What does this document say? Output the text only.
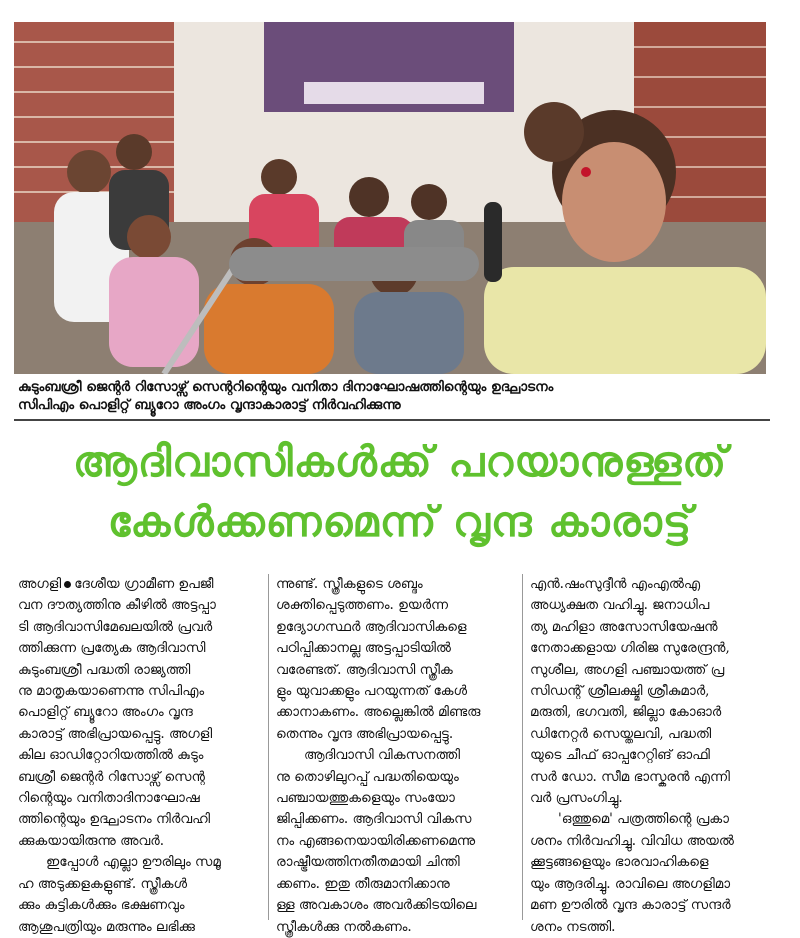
കുടുംബശ്രീ ജെന്റർ റിസോഴ്സ് സെന്ററിന്റെയും വനിതാ ദിനാഘോഷത്തിന്റെയും ഉദ്ഘാടനം
സിപിഎം പൊളിറ്റ് ബ്യൂറോ അംഗം വൃന്ദാകാരാട്ട് നിർവഹിക്കുന്നു
ആദിവാസികൾക്ക് പറയാനുള്ളത്
കേൾക്കണമെന്ന് വൃന്ദ കാരാട്ട്

അഗളി ദേശീയ ഗ്രാമീണ ഉപജീ

വന ദൗത്യത്തിനു കീഴിൽ അട്ടപ്പാ

ടി ആദിവാസിമേഖലയിൽ പ്രവർ

ത്തിക്കുന്ന പ്രത്യേക ആദിവാസി

കുടുംബശ്രീ പദ്ധതി രാജ്യത്തി

നു മാതൃകയാണെന്നു സിപിഎം

പൊളിറ്റ് ബ്യൂറോ അംഗം വൃന്ദ

കാരാട്ട് അഭിപ്രായപ്പെട്ടു. അഗളി

കില ഓഡിറ്റോറിയത്തിൽ കുടും

ബശ്രീ ജെന്റർ റിസോഴ്സ് സെന്റ

റിന്റെയും വനിതാദിനാഘോഷ

ത്തിന്റെയും ഉദ്ഘാടനം നിർവഹി

ക്കുകയായിരുന്നു അവർ.

ഇപ്പോൾ എല്ലാ ഊരിലും സമൂ

ഹ അടുക്കളകളുണ്ട്. സ്ത്രീകൾ

ക്കും കുട്ടികൾക്കും ഭക്ഷണവും

ആശുപത്രിയും മരുന്നും ലഭിക്കു

ന്നുണ്ട്. സ്ത്രീകളുടെ ശബ്ദം

ശക്തിപ്പെടുത്തണം. ഉയർന്ന

ഉദ്യോഗസ്ഥർ ആദിവാസികളെ

പഠിപ്പിക്കാനല്ല അട്ടപ്പാടിയിൽ

വരേണ്ടത്. ആദിവാസി സ്ത്രീക

ളും യുവാക്കളും പറയുന്നത് കേൾ

ക്കാനാകണം. അല്ലെങ്കിൽ മിണ്ടരു

തെന്നും വൃന്ദ അഭിപ്രായപ്പെട്ടു.

ആദിവാസി വികസനത്തി

നു തൊഴിലുറപ്പ് പദ്ധതിയെയും

പഞ്ചായത്തുകളെയും സംയോ

ജിപ്പിക്കണം. ആദിവാസി വികസ

നം എങ്ങനെയായിരിക്കണമെന്നു

രാഷ്ട്രീയത്തിനതീതമായി ചിന്തി

ക്കണം. ഇതു തീരുമാനിക്കാനു

ള്ള അവകാശം അവർക്കിടയിലെ

സ്ത്രീകൾക്കു നൽകണം.

എൻ.ഷംസുദ്ദീൻ എംഎൽഎ

അധ്യക്ഷത വഹിച്ചു. ജനാധിപ

ത്യ മഹിളാ അസോസിയേഷൻ

നേതാക്കളായ ഗിരിജ സുരേന്ദ്രൻ,

സുശീല, അഗളി പഞ്ചായത്ത് പ്ര

സിഡന്റ് ശ്രീലക്ഷ്മി ശ്രീകുമാർ,

മരുതി, ഭഗവതി, ജില്ലാ കോഓർ

ഡിനേറ്റർ സെയ്തലവി, പദ്ധതി

യുടെ ചീഫ് ഓപ്പറേറ്റിങ് ഓഫി

സർ ഡോ. സീമ ഭാസ്കരൻ എന്നി

വർ പ്രസംഗിച്ചു.

'ഒത്തുമെ' പത്രത്തിന്റെ പ്രകാ

ശനം നിർവഹിച്ചു. വിവിധ അയൽ

ക്കൂട്ടങ്ങളെയും ഭാരവാഹികളെ

യും ആദരിച്ചു. രാവിലെ അഗളിമാ

മണ ഊരിൽ വൃന്ദ കാരാട്ട് സന്ദർ

ശനം നടത്തി.
